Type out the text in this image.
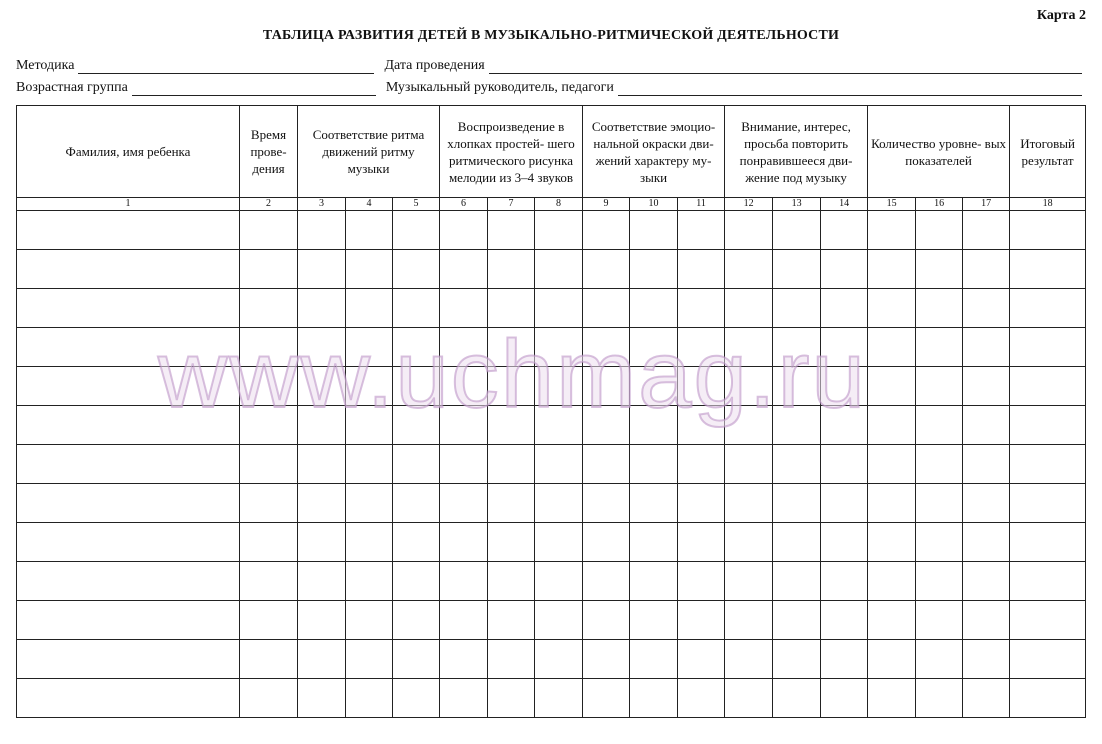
Карта 2
ТАБЛИЦА РАЗВИТИЯ ДЕТЕЙ В МУЗЫКАЛЬНО-РИТМИЧЕСКОЙ ДЕЯТЕЛЬНОСТИ
Методика	Дата проведения
Возрастная группа	Музыкальный руководитель, педагоги
Фамилия, имя ребенка	Время прове- дения	Соответствие ритма движений ритму музыки			Воспроизведение в хлопках простей- шего ритмического рисунка мелодии из 3–4 звуков			Соответствие эмоцио- нальной окраски дви- жений характеру му- зыки			Внимание, интерес, просьба повторить понравившееся дви- жение под музыку			Количество уровне- вых показателей			Итоговый результат

1	2	3	4	5	6	7	8	9	10	11	12	13	14	15	16	17	18

www.uchmag.ru
